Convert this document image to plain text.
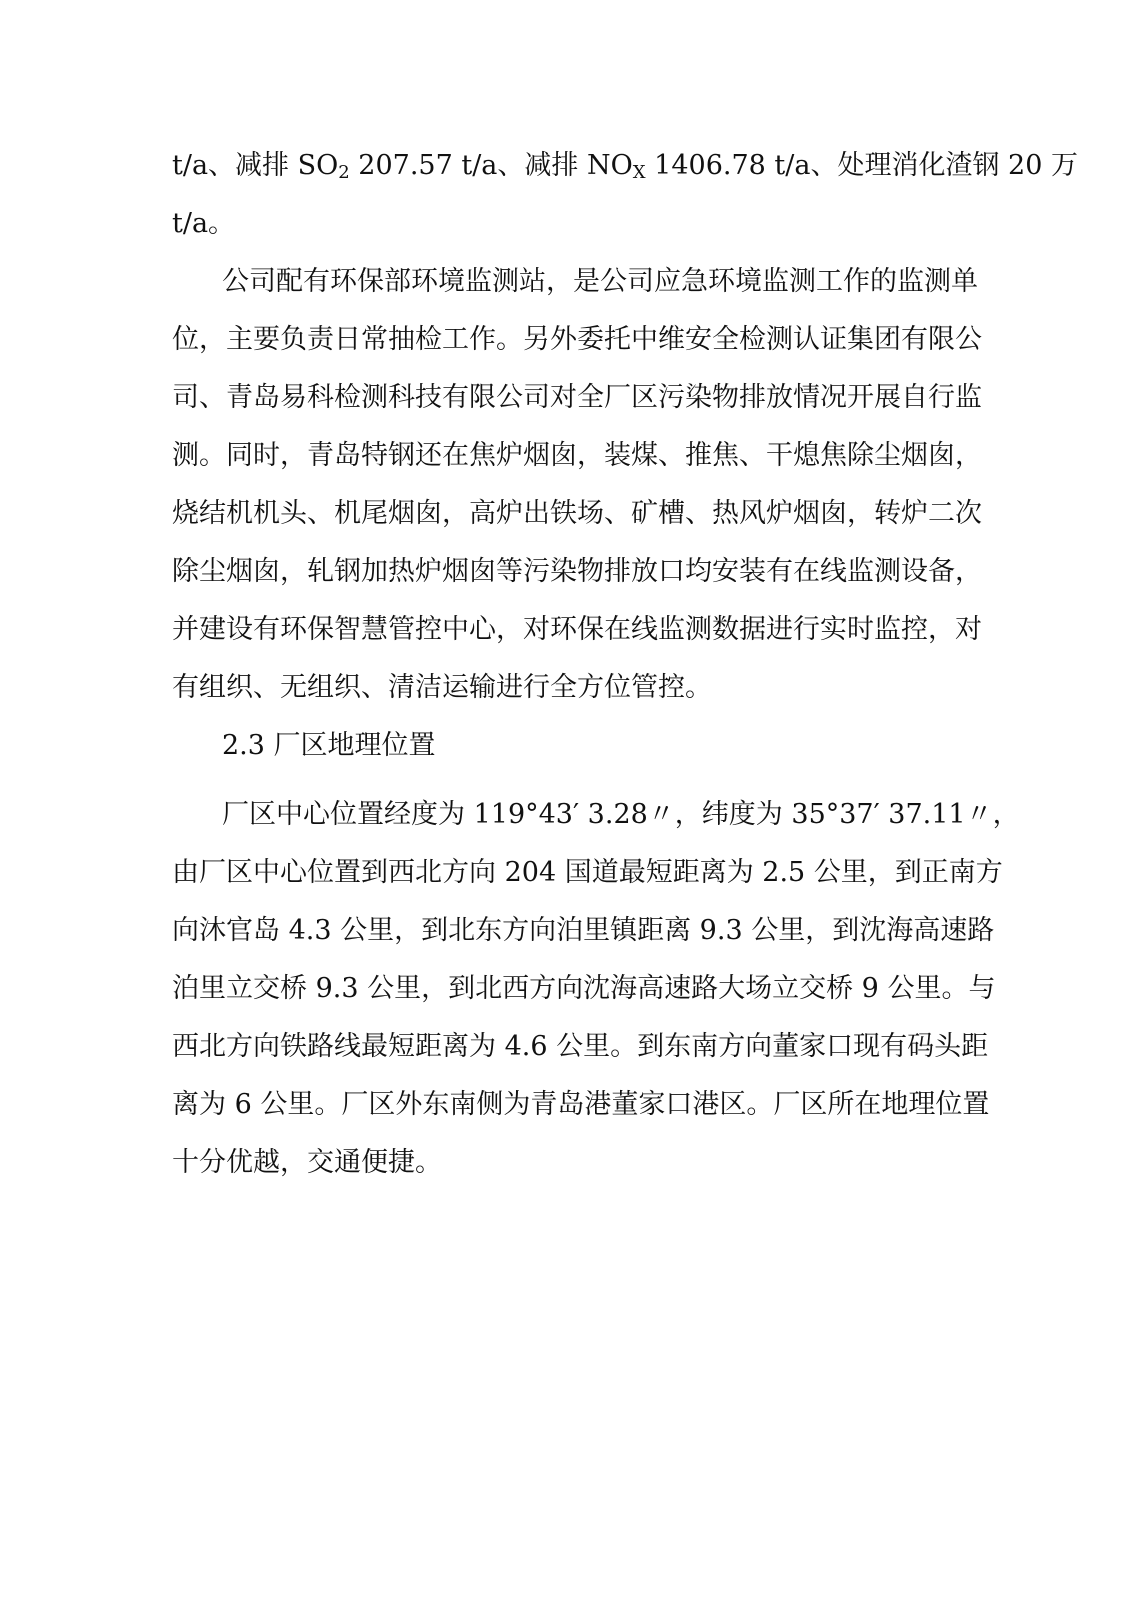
t/a、减排 $SO_2$ 207.57 t/a、减排 $NO_X$ 1406.78 t/a、处理消化渣钢 20 万
t/a。
公司配有环保部环境监测站，是公司应急环境监测工作的监测单
位，主要负责日常抽检工作。另外委托中维安全检测认证集团有限公
司、青岛易科检测科技有限公司对全厂区污染物排放情况开展自行监
测。同时，青岛特钢还在焦炉烟囱，装煤、推焦、干熄焦除尘烟囱，
烧结机机头、机尾烟囱，高炉出铁场、矿槽、热风炉烟囱，转炉二次
除尘烟囱，轧钢加热炉烟囱等污染物排放口均安装有在线监测设备，
并建设有环保智慧管控中心，对环保在线监测数据进行实时监控，对
有组织、无组织、清洁运输进行全方位管控。
2.3 厂区地理位置
厂区中心位置经度为 119°43′ 3.28〃，纬度为 35°37′ 37.11〃，
由厂区中心位置到西北方向 204 国道最短距离为 2.5 公里，到正南方
向沐官岛 4.3 公里，到北东方向泊里镇距离 9.3 公里，到沈海高速路
泊里立交桥 9.3 公里，到北西方向沈海高速路大场立交桥 9 公里。与
西北方向铁路线最短距离为 4.6 公里。到东南方向董家口现有码头距
离为 6 公里。厂区外东南侧为青岛港董家口港区。厂区所在地理位置
十分优越，交通便捷。
